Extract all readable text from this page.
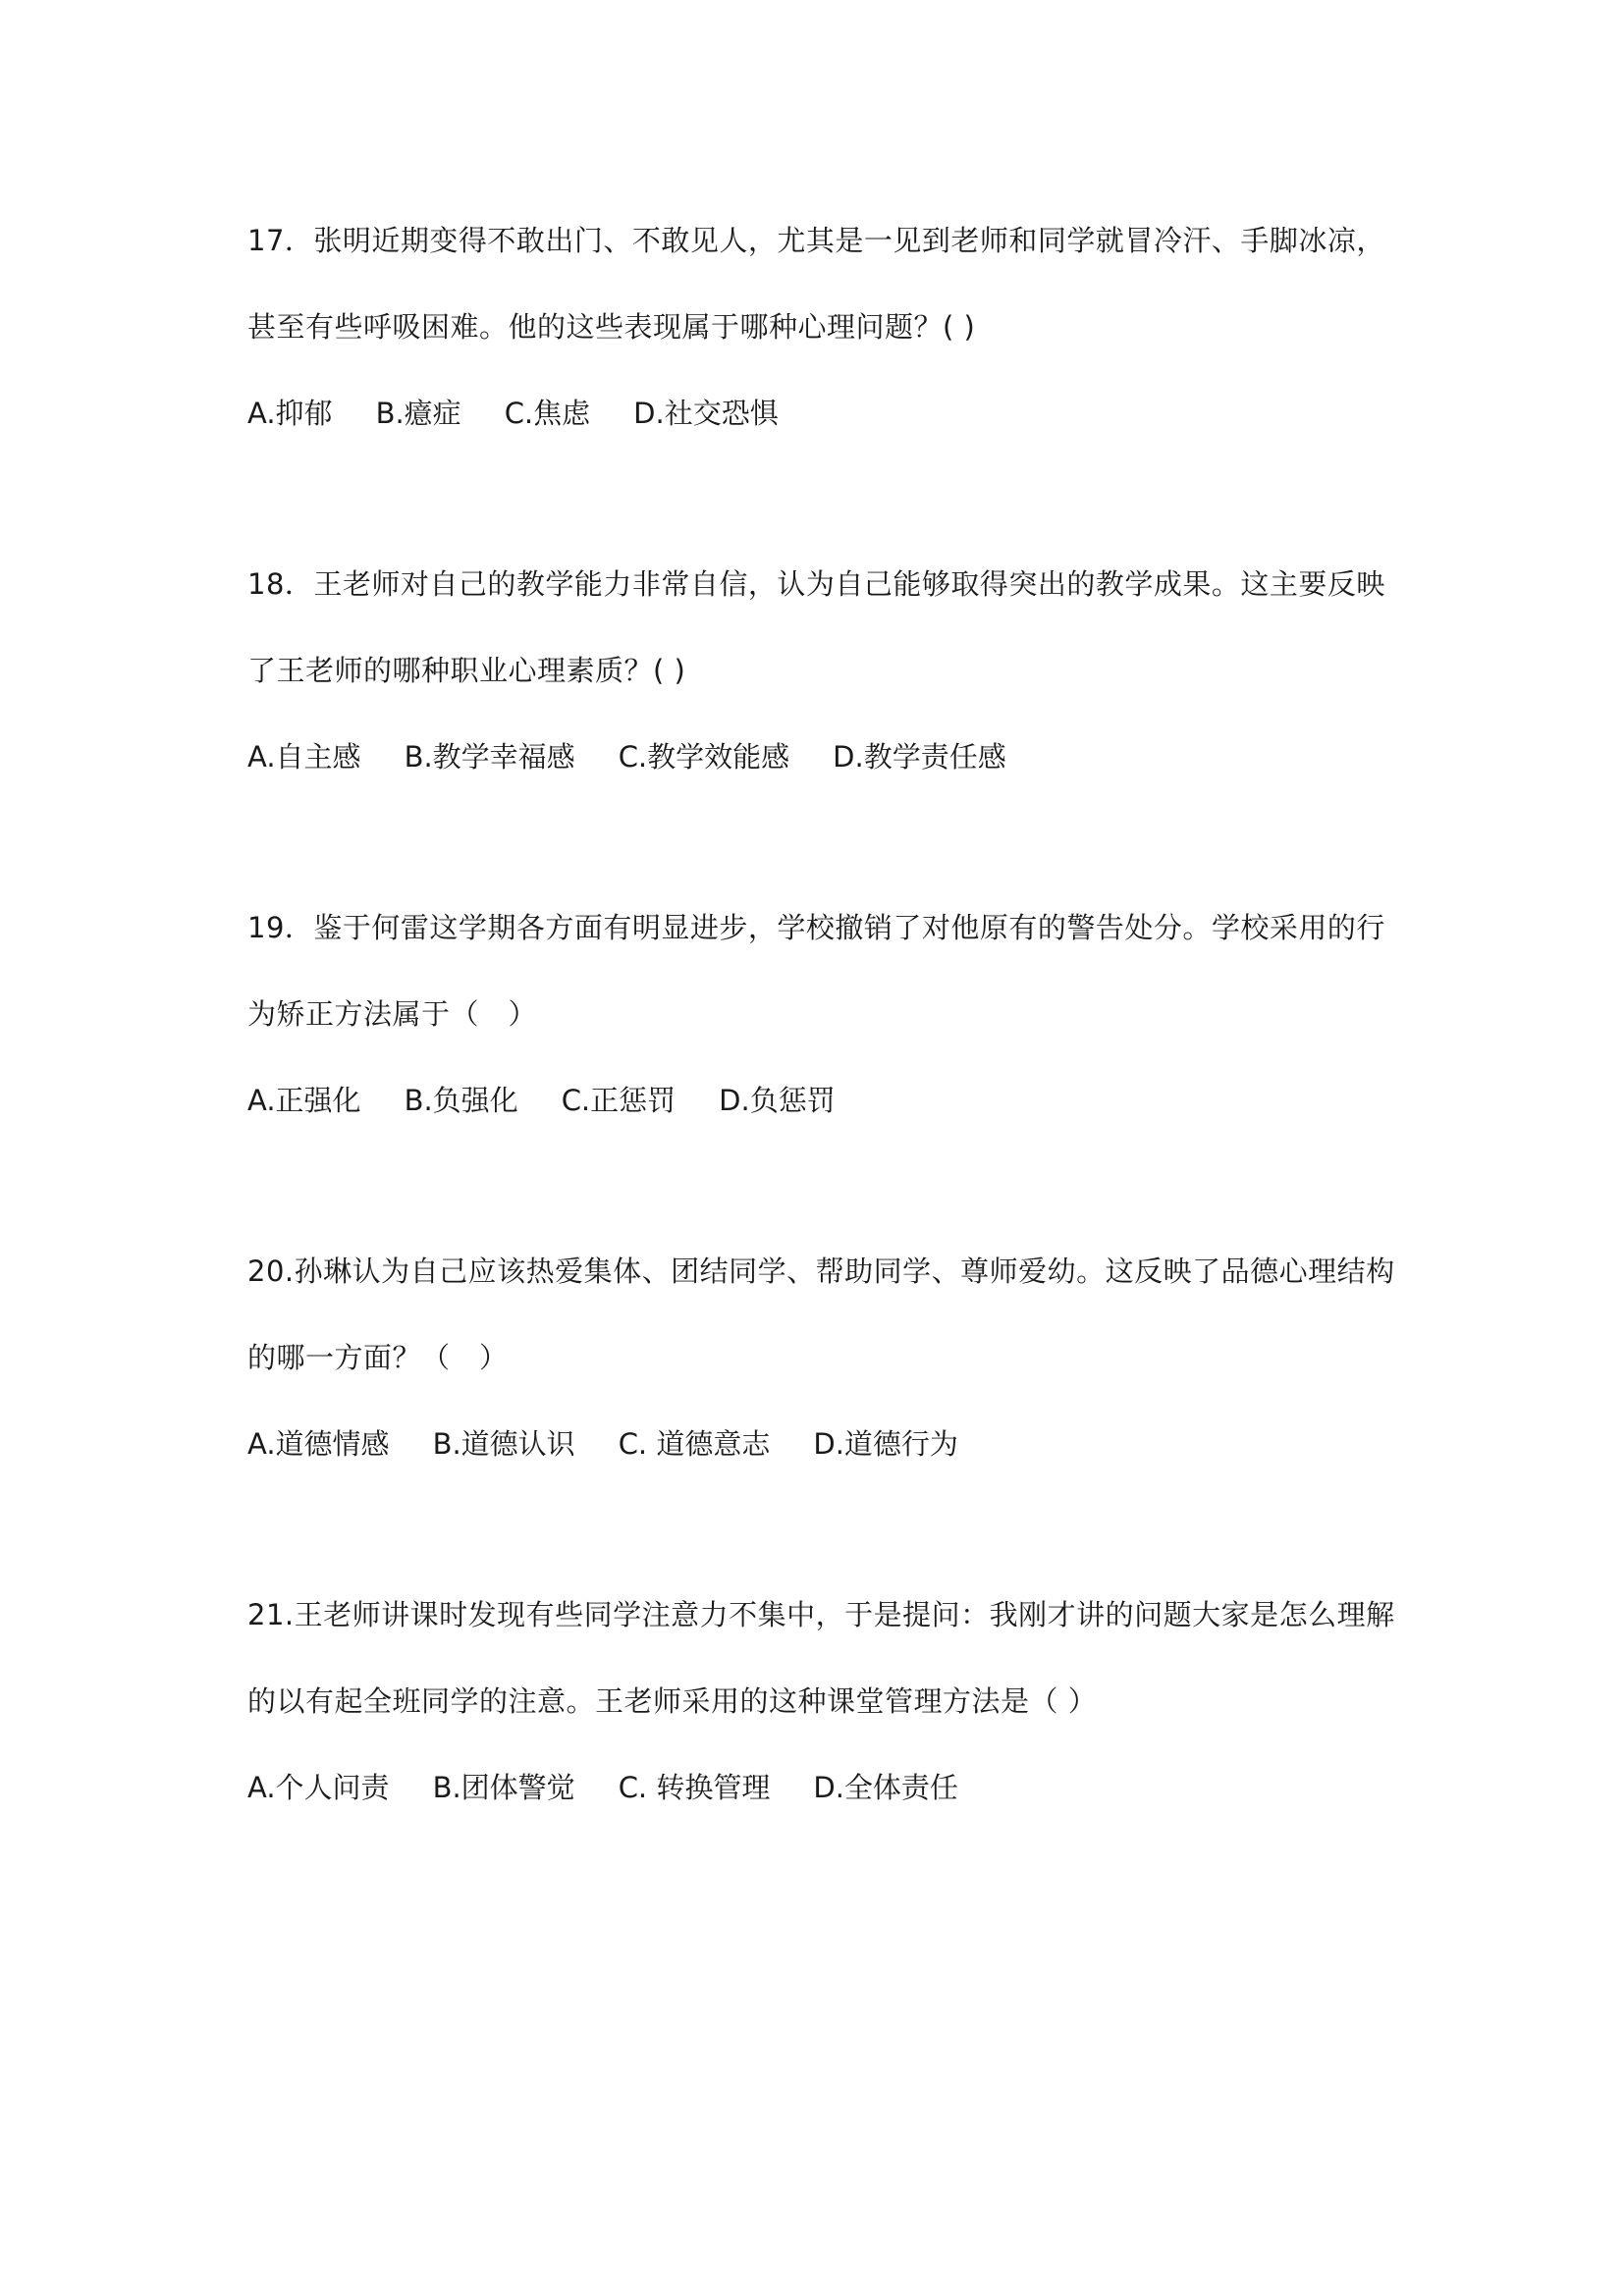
17．张明近期变得不敢出门、不敢见人，尤其是一见到老师和同学就冒冷汗、手脚冰凉，
甚至有些呼吸困难。他的这些表现属于哪种心理问题？( )
A.抑郁 B.癔症 C.焦虑 D.社交恐惧
18．王老师对自己的教学能力非常自信，认为自己能够取得突出的教学成果。这主要反映
了王老师的哪种职业心理素质？( )
A.自主感 B.教学幸福感 C.教学效能感 D.教学责任感
19．鉴于何雷这学期各方面有明显进步，学校撤销了对他原有的警告处分。学校采用的行
为矫正方法属于（　）
A.正强化 B.负强化 C.正惩罚 D.负惩罚
20.孙琳认为自己应该热爱集体、团结同学、帮助同学、尊师爱幼。这反映了品德心理结构
的哪一方面？（　）
A.道德情感 B.道德认识 C. 道德意志 D.道德行为
21.王老师讲课时发现有些同学注意力不集中，于是提问：我刚才讲的问题大家是怎么理解
的以有起全班同学的注意。王老师采用的这种课堂管理方法是（ ）
A.个人问责 B.团体警觉 C. 转换管理 D.全体责任
